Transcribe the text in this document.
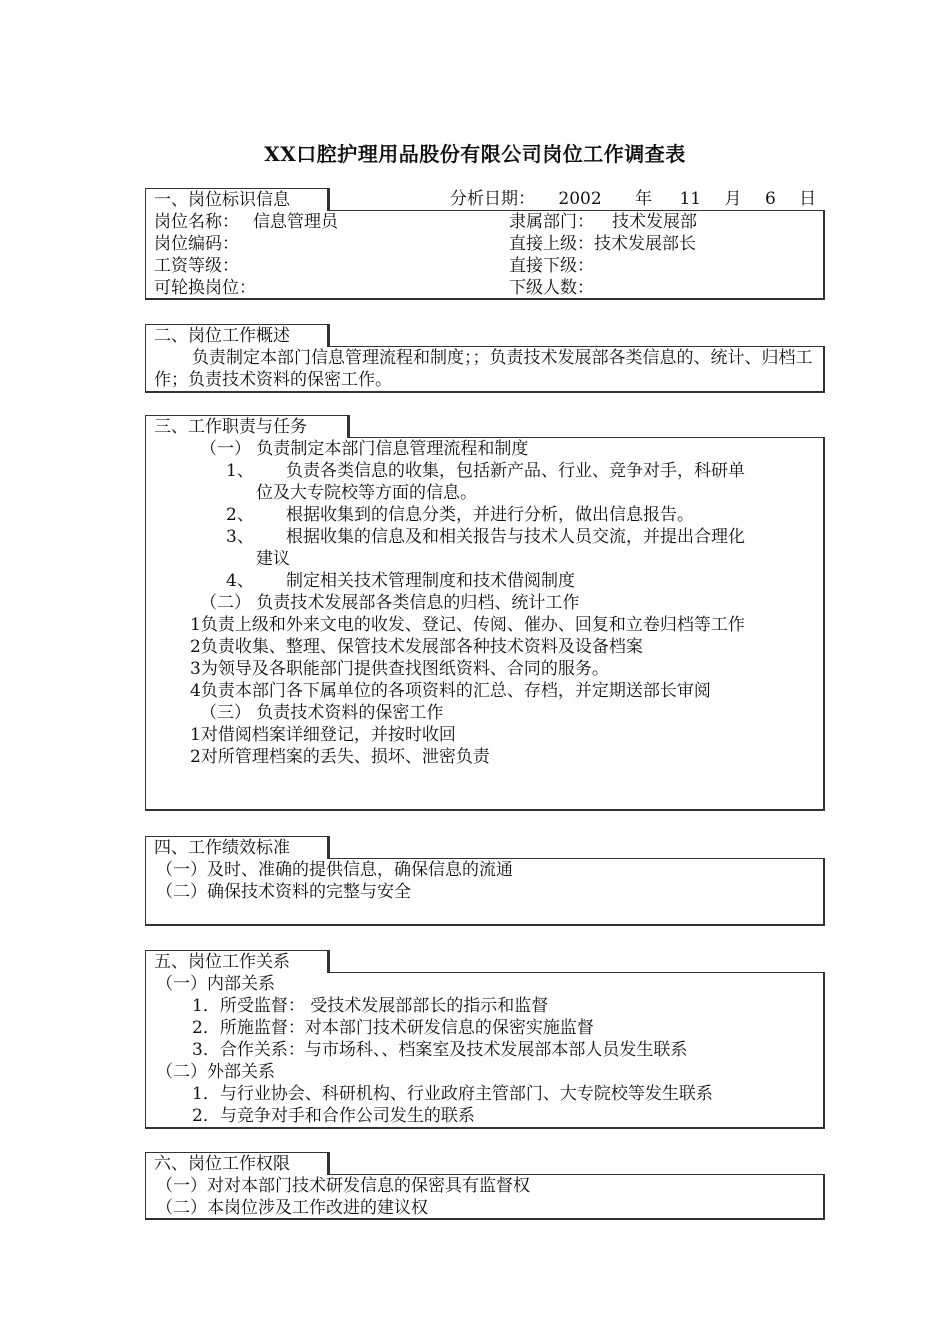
XX口腔护理用品股份有限公司岗位工作调查表
一、岗位标识信息	分析日期： 2002 年 11 月 6 日
岗位名称： 信息管理员	隶属部门： 技术发展部
岗位编码：	直接上级：技术发展部长
工资等级：	直接下级：
可轮换岗位：	下级人数：
二、岗位工作概述
负责制定本部门信息管理流程和制度；；负责技术发展部各类信息的、统计、归档工作；负责技术资料的保密工作。
三、工作职责与任务
（一） 负责制定本部门信息管理流程和制度
1、 负责各类信息的收集，包括新产品、行业、竞争对手，科研单
位及大专院校等方面的信息。
2、 根据收集到的信息分类，并进行分析，做出信息报告。
3、 根据收集的信息及和相关报告与技术人员交流，并提出合理化
建议
4、 制定相关技术管理制度和技术借阅制度
（二） 负责技术发展部各类信息的归档、统计工作
1负责上级和外来文电的收发、登记、传阅、催办、回复和立卷归档等工作
2负责收集、整理、保管技术发展部各种技术资料及设备档案
3为领导及各职能部门提供查找图纸资料、合同的服务。
4负责本部门各下属单位的各项资料的汇总、存档，并定期送部长审阅
（三） 负责技术资料的保密工作
1对借阅档案详细登记，并按时收回
2对所管理档案的丢失、损坏、泄密负责
四、工作绩效标准
（一）及时、准确的提供信息，确保信息的流通
（二）确保技术资料的完整与安全
五、岗位工作关系
（一）内部关系
1．所受监督： 受技术发展部部长的指示和监督
2．所施监督：对本部门技术研发信息的保密实施监督
3．合作关系：与市场科、、档案室及技术发展部本部人员发生联系
（二）外部关系
1．与行业协会、科研机构、行业政府主管部门、大专院校等发生联系
2．与竞争对手和合作公司发生的联系
六、岗位工作权限
（一）对对本部门技术研发信息的保密具有监督权
（二）本岗位涉及工作改进的建议权
